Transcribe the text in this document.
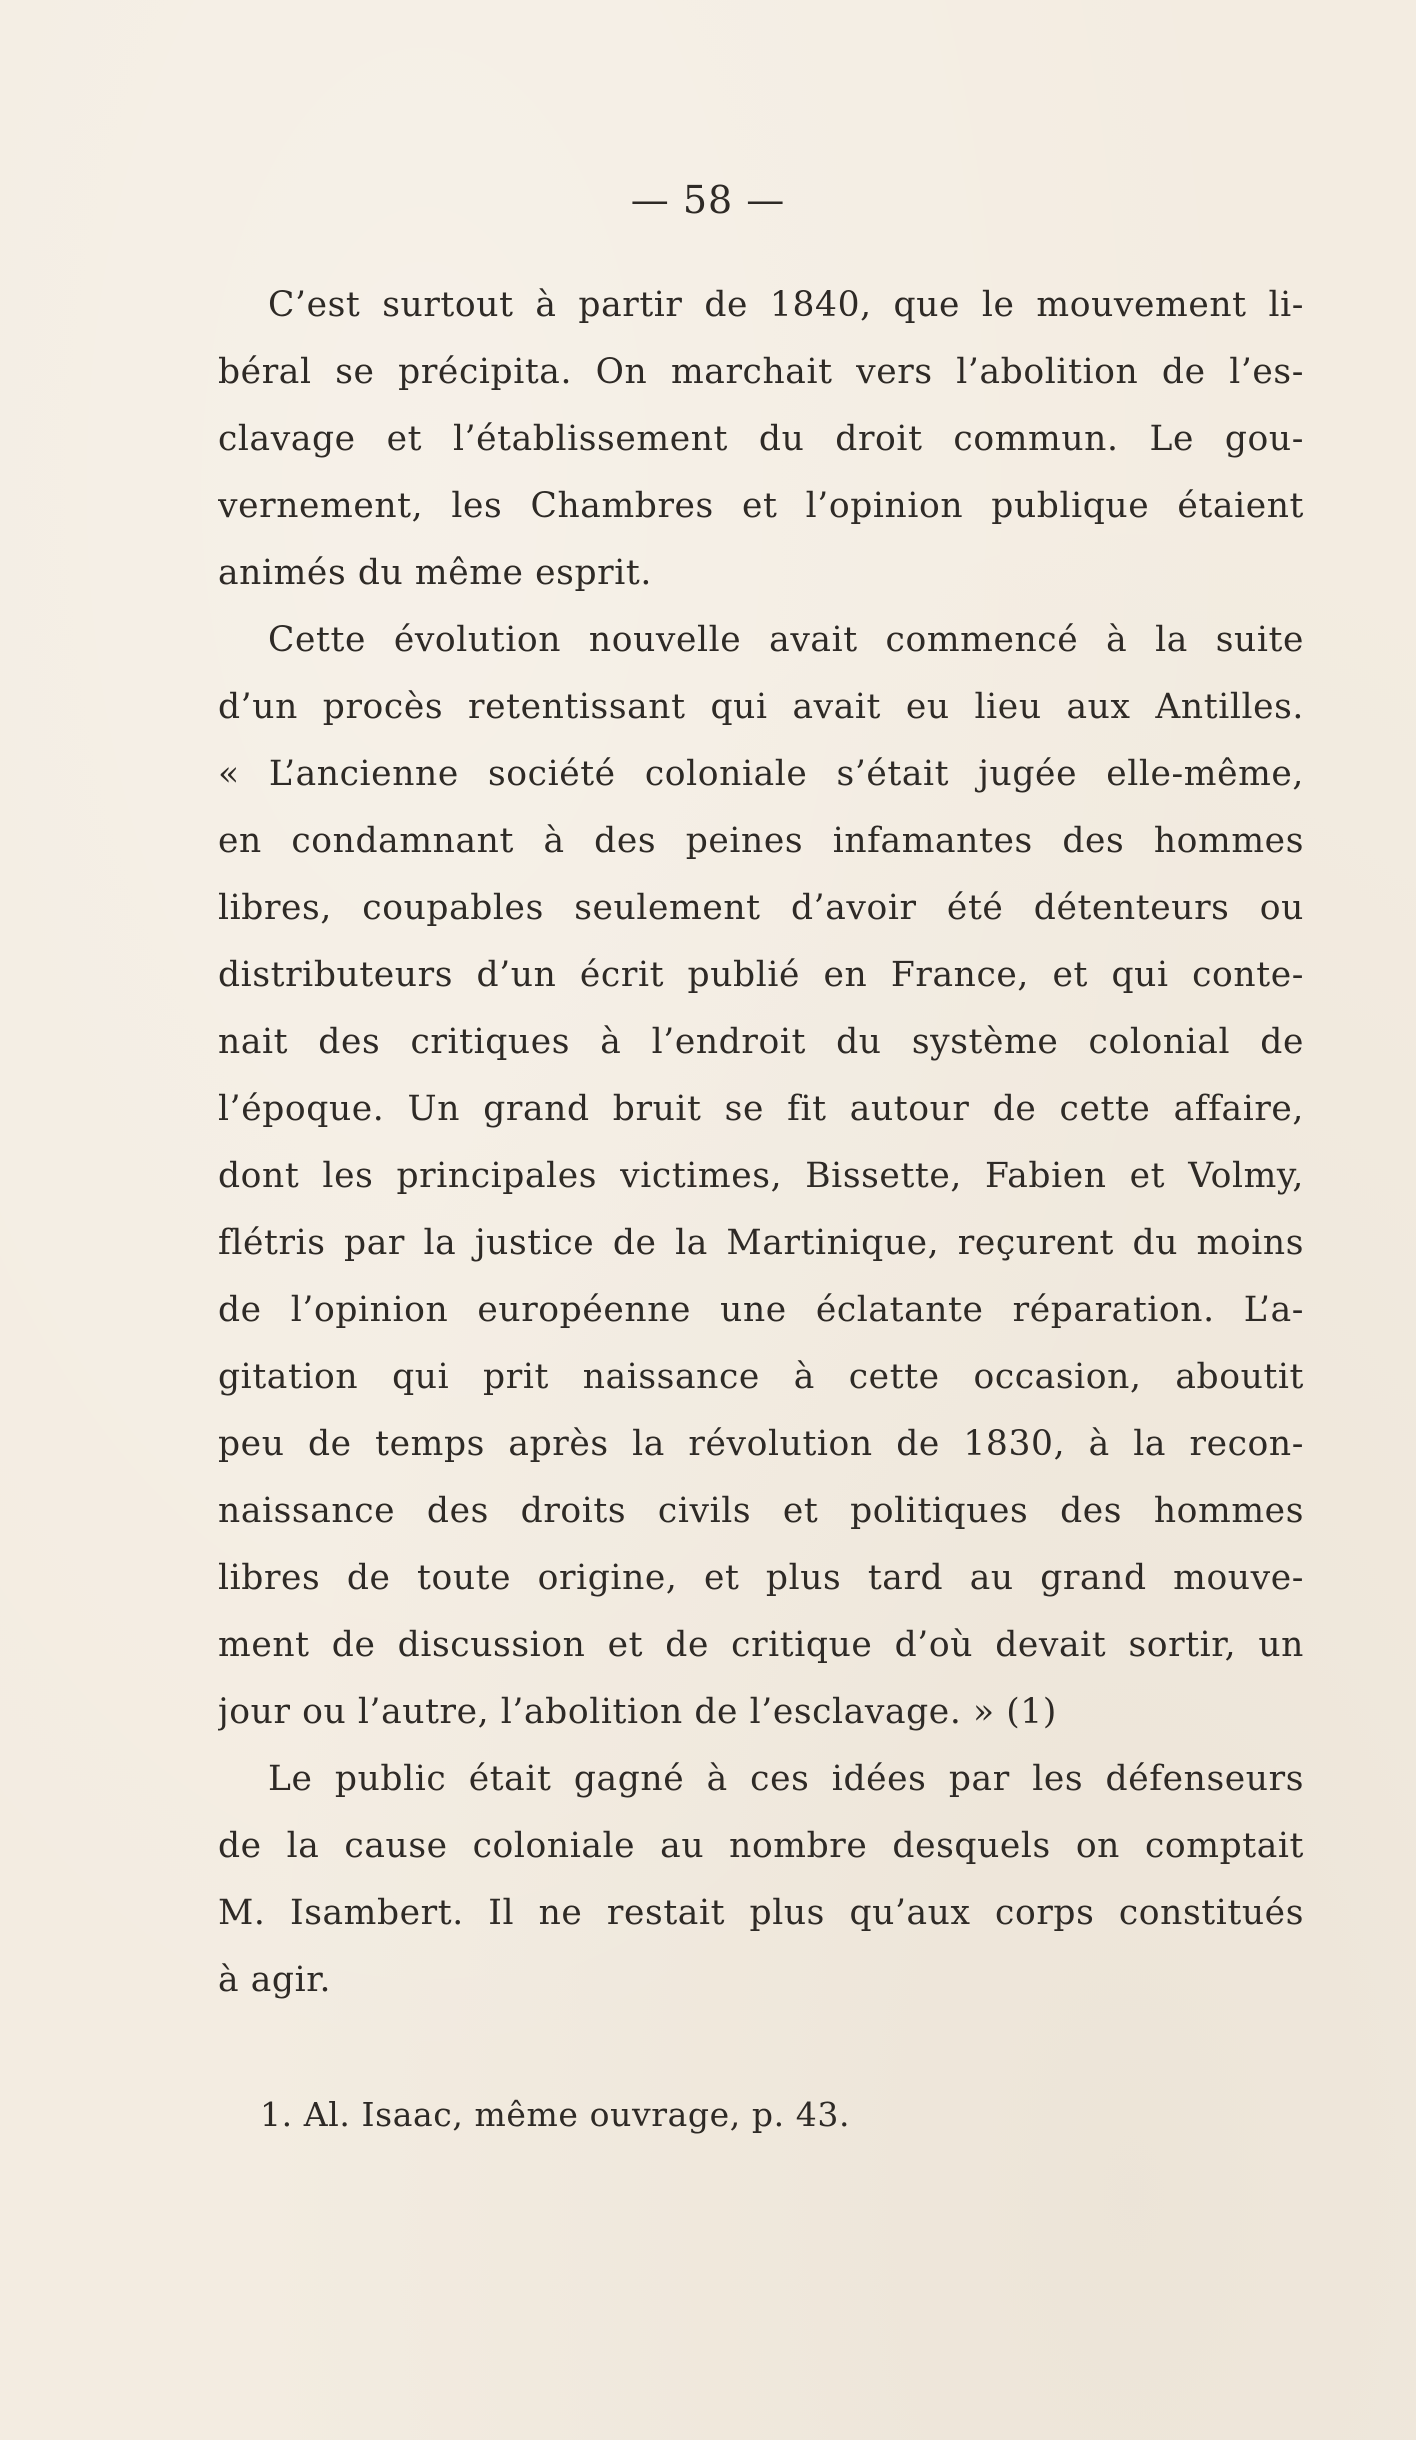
— 58 —
C’est surtout à partir de 1840, que le mouvement li-
béral se précipita. On marchait vers l’abolition de l’es-
clavage et l’établissement du droit commun. Le gou-
vernement, les Chambres et l’opinion publique étaient
animés du même esprit.
Cette évolution nouvelle avait commencé à la suite
d’un procès retentissant qui avait eu lieu aux Antilles.
« L’ancienne société coloniale s’était jugée elle-même,
en condamnant à des peines infamantes des hommes
libres, coupables seulement d’avoir été détenteurs ou
distributeurs d’un écrit publié en France, et qui conte-
nait des critiques à l’endroit du système colonial de
l’époque. Un grand bruit se fit autour de cette affaire,
dont les principales victimes, Bissette, Fabien et Volmy,
flétris par la justice de la Martinique, reçurent du moins
de l’opinion européenne une éclatante réparation. L’a-
gitation qui prit naissance à cette occasion, aboutit
peu de temps après la révolution de 1830, à la recon-
naissance des droits civils et politiques des hommes
libres de toute origine, et plus tard au grand mouve-
ment de discussion et de critique d’où devait sortir, un
jour ou l’autre, l’abolition de l’esclavage. » (1)
Le public était gagné à ces idées par les défenseurs
de la cause coloniale au nombre desquels on comptait
M. Isambert. Il ne restait plus qu’aux corps constitués
à agir.
1. Al. Isaac, même ouvrage, p. 43.
